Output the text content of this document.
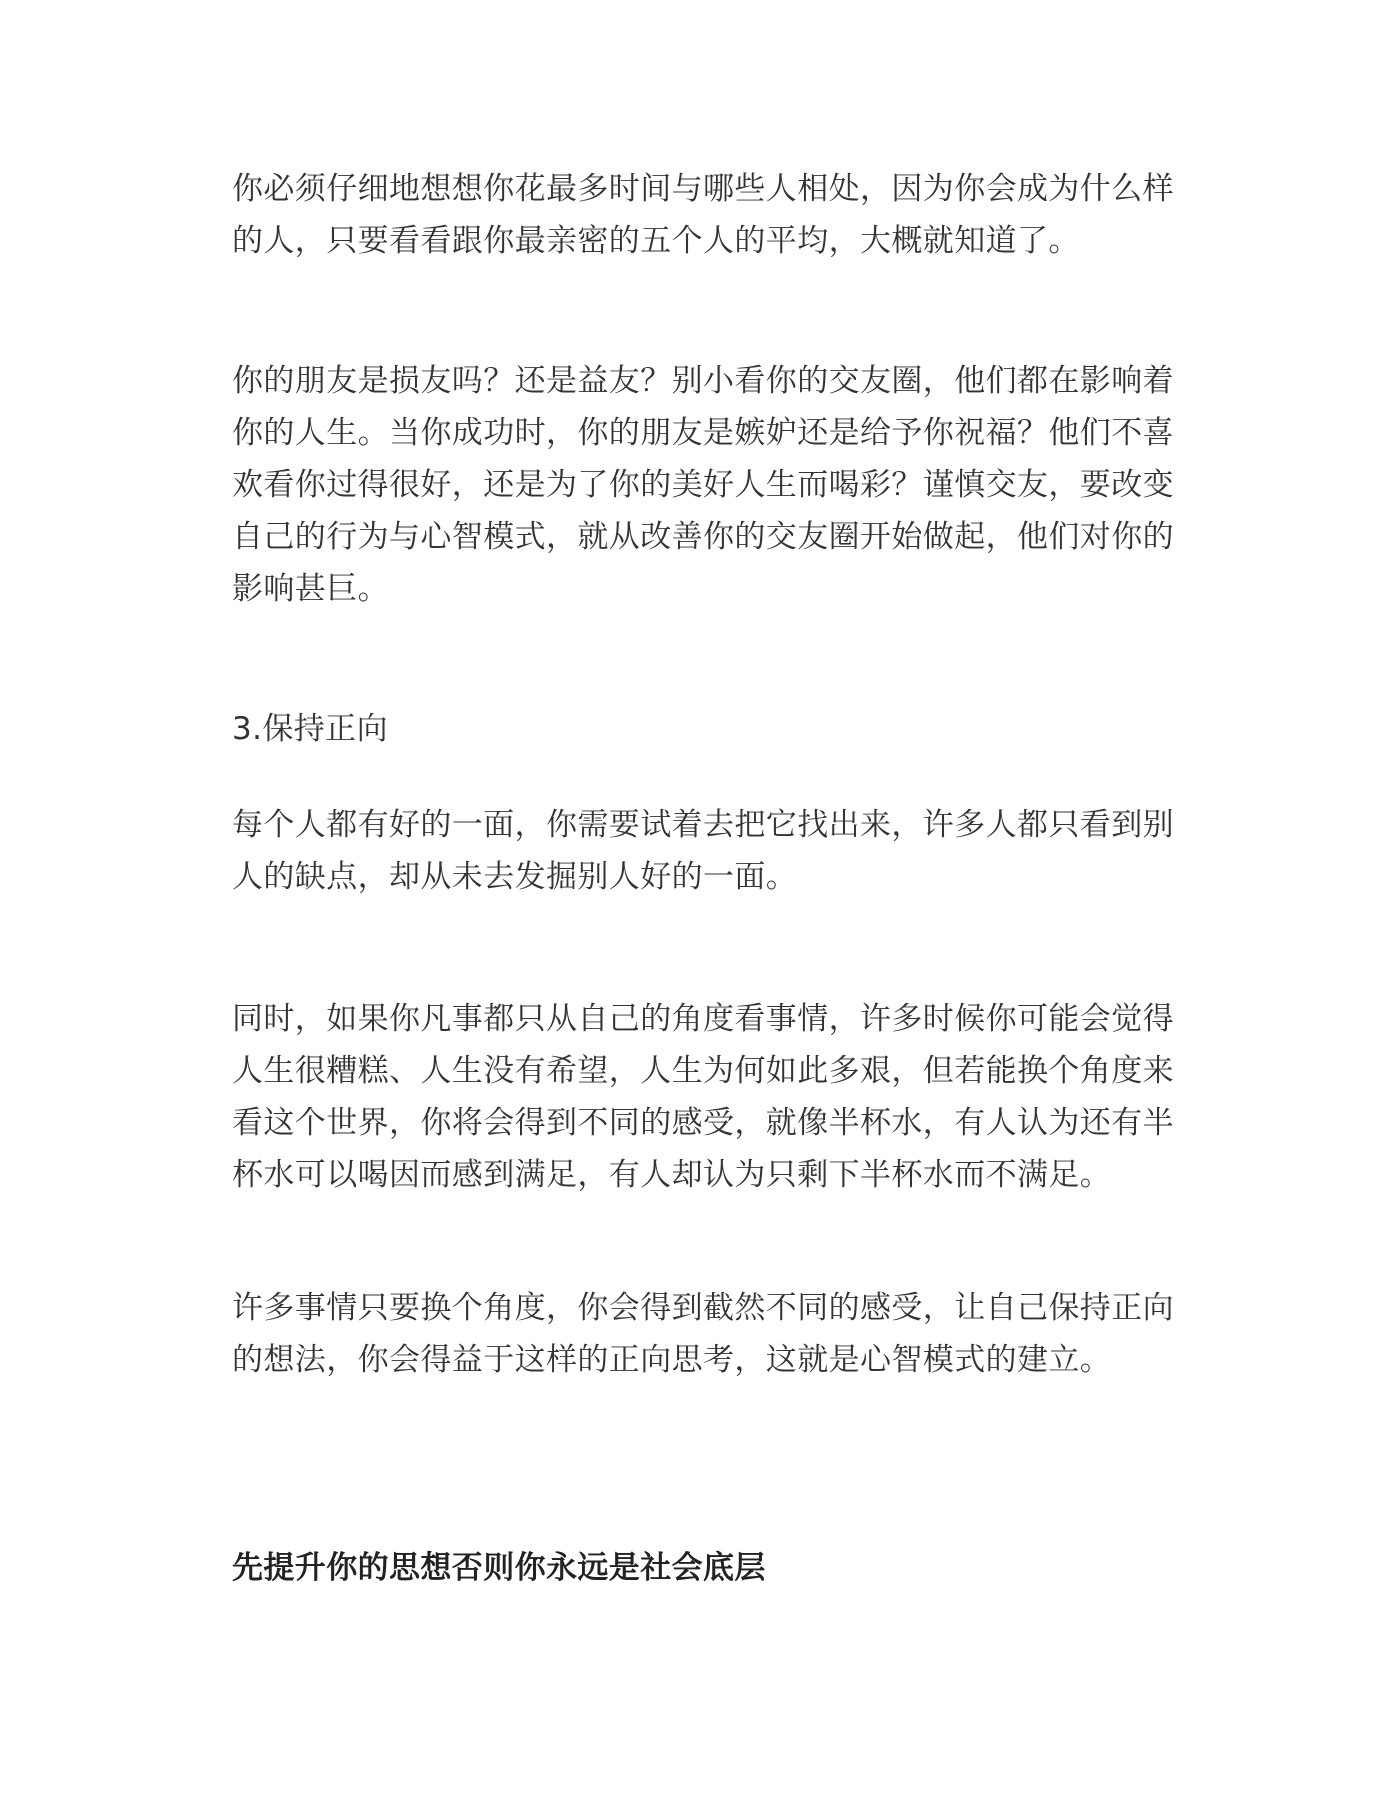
你必须仔细地想想你花最多时间与哪些人相处，因为你会成为什么样
的人，只要看看跟你最亲密的五个人的平均，大概就知道了。
你的朋友是损友吗？还是益友？别小看你的交友圈，他们都在影响着
你的人生。当你成功时，你的朋友是嫉妒还是给予你祝福？他们不喜
欢看你过得很好，还是为了你的美好人生而喝彩？谨慎交友，要改变
自己的行为与心智模式，就从改善你的交友圈开始做起，他们对你的
影响甚巨。
3.保持正向
每个人都有好的一面，你需要试着去把它找出来，许多人都只看到别
人的缺点，却从未去发掘别人好的一面。
同时，如果你凡事都只从自己的角度看事情，许多时候你可能会觉得
人生很糟糕、人生没有希望，人生为何如此多艰，但若能换个角度来
看这个世界，你将会得到不同的感受，就像半杯水，有人认为还有半
杯水可以喝因而感到满足，有人却认为只剩下半杯水而不满足。
许多事情只要换个角度，你会得到截然不同的感受，让自己保持正向
的想法，你会得益于这样的正向思考，这就是心智模式的建立。
先提升你的思想否则你永远是社会底层
